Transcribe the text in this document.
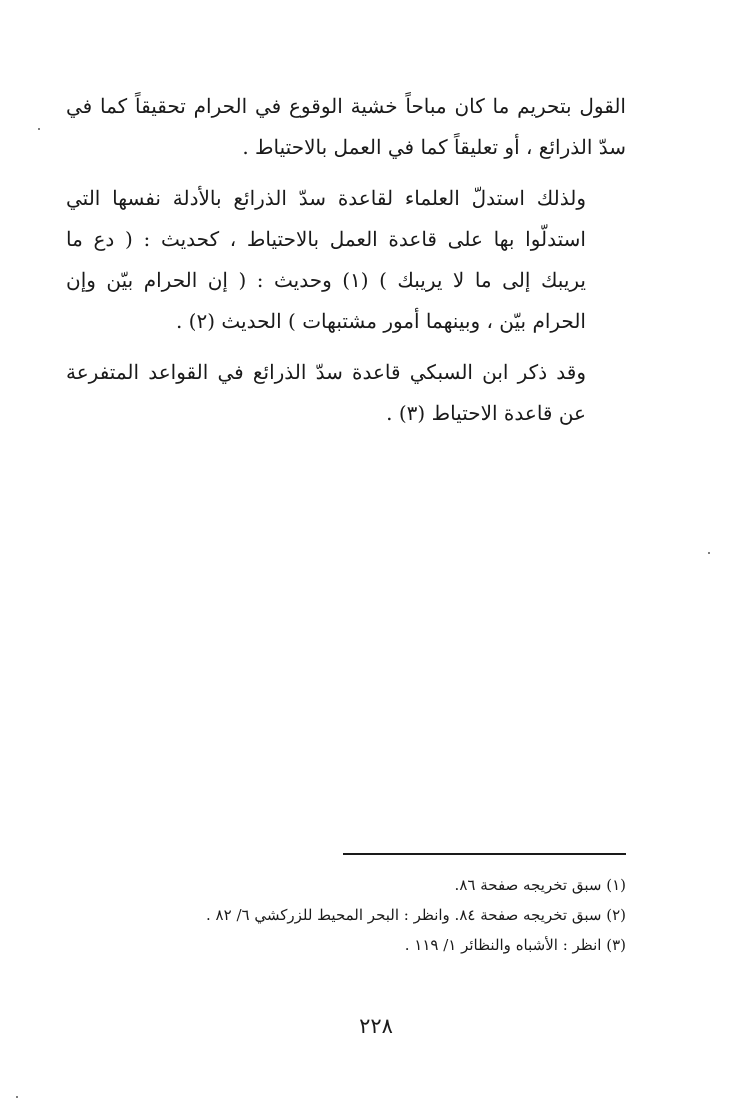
القول بتحريم ما كان مباحاً خشية الوقوع في الحرام تحقيقاً كما في سدّ الذرائع ، أو تعليقاً كما في العمل بالاحتياط .

ولذلك استدلّ العلماء لقاعدة سدّ الذرائع بالأدلة نفسها التي استدلّوا بها على قاعدة العمل بالاحتياط ، كحديث : ( دع ما يريبك إلى ما لا يريبك ) (١) وحديث : ( إن الحرام بيّن وإن الحرام بيّن ، وبينهما أمور مشتبهات ) الحديث (٢) .

وقد ذكر ابن السبكي قاعدة سدّ الذرائع في القواعد المتفرعة عن قاعدة الاحتياط (٣) .

(١) سبق تخريجه صفحة ٨٦.

(٢) سبق تخريجه صفحة ٨٤. وانظر : البحر المحيط للزركشي ٦/ ٨٢ .

(٣) انظر : الأشباه والنظائر ١/ ١١٩ .

٢٢٨
